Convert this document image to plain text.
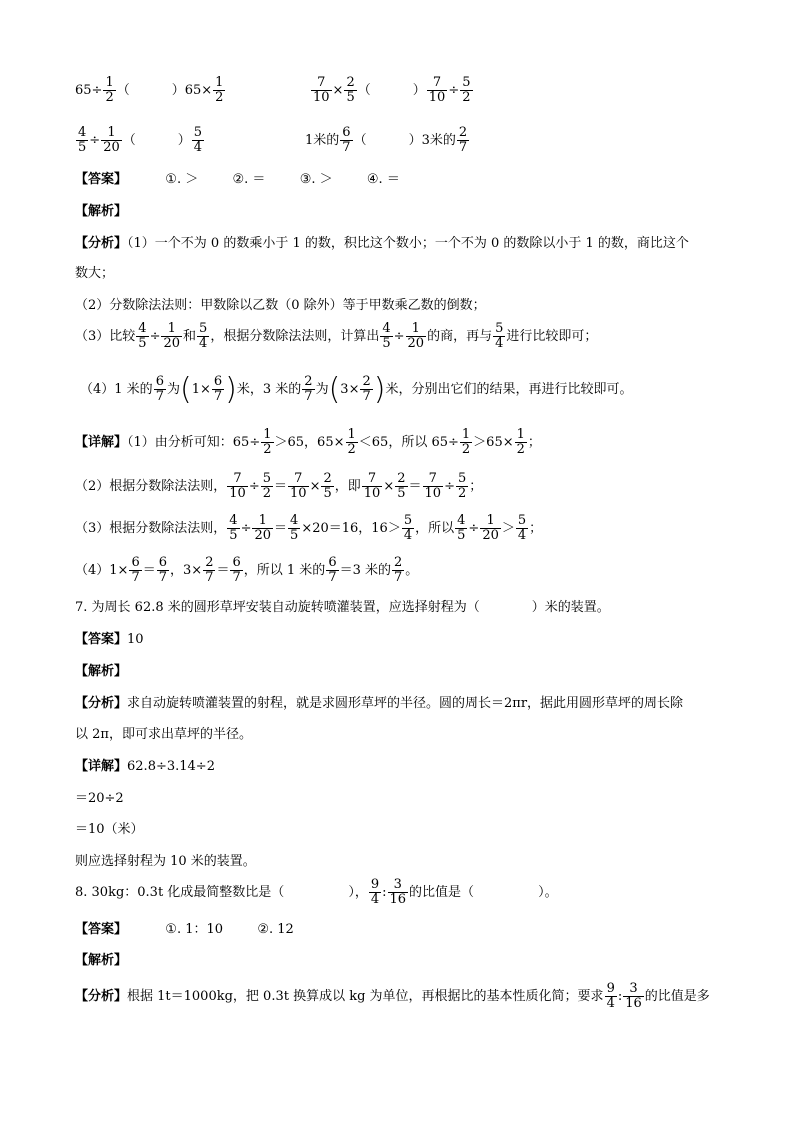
$65\div \frac{1}{2}$ （	）$65\times \frac{1}{2}$	$\frac{7}{10} \times \frac{2}{5}$ （	） $\frac{7}{10} \div \frac{5}{2}$
$\frac{4}{5} \div \frac{1}{20}$ （	） $\frac{5}{4}$	1米的 $\frac{6}{7}$ （	）3米的 $\frac{2}{7}$
【答案】	①. ＞	②. ＝	③. ＞	④. ＝
【解析】
【分析】（1）一个不为 0 的数乘小于 1 的数，积比这个数小；一个不为 0 的数除以小于 1 的数，商比这个
数大；
（2）分数除法法则：甲数除以乙数（0 除外）等于甲数乘乙数的倒数；
（3）比较 $\frac{4}{5} \div \frac{1}{20}$ 和 $\frac{5}{4}$ ，根据分数除法法则，计算出 $\frac{4}{5} \div \frac{1}{20}$ 的商，再与 $\frac{5}{4}$ 进行比较即可；
（4）1 米的 $\frac{6}{7}$ 为($1\times \frac{6}{7}$ )米，3 米的 $\frac{2}{7}$ 为($3\times \frac{2}{7}$ )米，分别出它们的结果，再进行比较即可。
【详解】（1）由分析可知：$65\div \frac{1}{2} >65$，$65\times \frac{1}{2} <65$，所以 $65\div \frac{1}{2} >65\times \frac{1}{2}$ ；
（2）根据分数除法法则， $\frac{7}{10} \div \frac{5}{2} = \frac{7}{10} \times \frac{2}{5}$ ，即 $\frac{7}{10} \times \frac{2}{5} = \frac{7}{10} \div \frac{5}{2}$ ；
（3）根据分数除法法则， $\frac{4}{5} \div \frac{1}{20} = \frac{4}{5} \times 20=16$，$16> \frac{5}{4}$ ，所以 $\frac{4}{5} \div \frac{1}{20} > \frac{5}{4}$ ；
$(4)1\times \frac{6}{7} = \frac{6}{7}$ ，$3\times \frac{2}{7} = \frac{6}{7}$ ，所以 1 米的 $\frac{6}{7} =3$ 米的 $\frac{2}{7}$ 。
7. 为周长 62.8 米的圆形草坪安装自动旋转喷灌装置，应选择射程为（　　　　）米的装置。
【答案】10
【解析】
【分析】求自动旋转喷灌装置的射程，就是求圆形草坪的半径。圆的周长＝2πr，据此用圆形草坪的周长除
以 2π，即可求出草坪的半径。
【详解】62.8÷3.14÷2
＝20÷2
＝10（米）
则应选择射程为 10 米的装置。
8. 30kg：0.3t 化成最简整数比是（	）， $\frac{9}{4}$ : $\frac{3}{16}$ 的比值是（	）。
【答案】	①. 1：10	②. 12
【解析】
【分析】根据 1t＝1000kg，把 0.3t 换算成以 kg 为单位，再根据比的基本性质化简；要求 $\frac{9}{4}$ : $\frac{3}{16}$ 的比值是多
